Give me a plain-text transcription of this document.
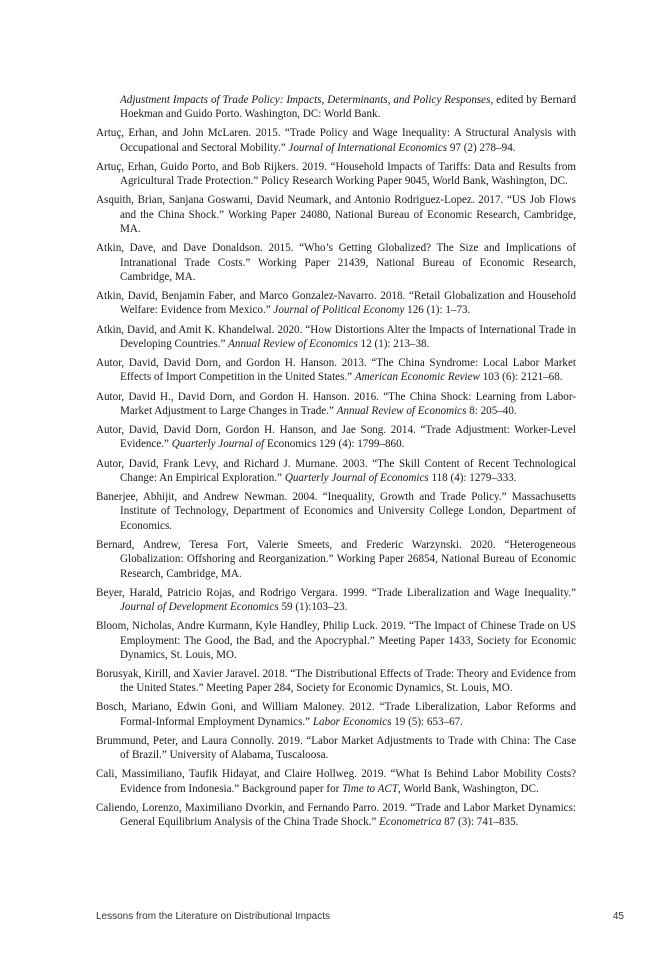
Adjustment Impacts of Trade Policy: Impacts, Determinants, and Policy Responses, edited by Bernard Hoekman and Guido Porto. Washington, DC: World Bank.

Artuç, Erhan, and John McLaren. 2015. “Trade Policy and Wage Inequality: A Structural Analysis with Occupational and Sectoral Mobility.” Journal of International Economics 97 (2) 278–94.

Artuç, Erhan, Guido Porto, and Bob Rijkers. 2019. “Household Impacts of Tariffs: Data and Results from Agricultural Trade Protection.” Policy Research Working Paper 9045, World Bank, Washington, DC.

Asquith, Brian, Sanjana Goswami, David Neumark, and Antonio Rodriguez-Lopez. 2017. “US Job Flows and the China Shock.” Working Paper 24080, National Bureau of Economic Research, Cambridge, MA.

Atkin, Dave, and Dave Donaldson. 2015. “Who’s Getting Globalized? The Size and Implications of Intranational Trade Costs.” Working Paper 21439, National Bureau of Economic Research, Cambridge, MA.

Atkin, David, Benjamin Faber, and Marco Gonzalez-Navarro. 2018. “Retail Globalization and Household Welfare: Evidence from Mexico.” Journal of Political Economy 126 (1): 1–73.

Atkin, David, and Amit K. Khandelwal. 2020. “How Distortions Alter the Impacts of International Trade in Developing Countries.” Annual Review of Economics 12 (1): 213–38.

Autor, David, David Dorn, and Gordon H. Hanson. 2013. “The China Syndrome: Local Labor Market Effects of Import Competition in the United States.” American Economic Review 103 (6): 2121–68.

Autor, David H., David Dorn, and Gordon H. Hanson. 2016. “The China Shock: Learning from Labor-Market Adjustment to Large Changes in Trade.” Annual Review of Economics 8: 205–40.

Autor, David, David Dorn, Gordon H. Hanson, and Jae Song. 2014. “Trade Adjustment: Worker-Level Evidence.” Quarterly Journal of Economics 129 (4): 1799–860.

Autor, David, Frank Levy, and Richard J. Murnane. 2003. “The Skill Content of Recent Technological Change: An Empirical Exploration.” Quarterly Journal of Economics 118 (4): 1279–333.

Banerjee, Abhijit, and Andrew Newman. 2004. “Inequality, Growth and Trade Policy.” Massachusetts Institute of Technology, Department of Economics and University College London, Department of Economics.

Bernard, Andrew, Teresa Fort, Valerie Smeets, and Frederic Warzynski. 2020. “Heterogeneous Globalization: Offshoring and Reorganization.” Working Paper 26854, National Bureau of Economic Research, Cambridge, MA.

Beyer, Harald, Patricio Rojas, and Rodrigo Vergara. 1999. “Trade Liberalization and Wage Inequality.” Journal of Development Economics 59 (1):103–23.

Bloom, Nicholas, Andre Kurmann, Kyle Handley, Philip Luck. 2019. “The Impact of Chinese Trade on US Employment: The Good, the Bad, and the Apocryphal.” Meeting Paper 1433, Society for Economic Dynamics, St. Louis, MO.

Borusyak, Kirill, and Xavier Jaravel. 2018. “The Distributional Effects of Trade: Theory and Evidence from the United States.” Meeting Paper 284, Society for Economic Dynamics, St. Louis, MO.

Bosch, Mariano, Edwin Goni, and William Maloney. 2012. “Trade Liberalization, Labor Reforms and Formal-Informal Employment Dynamics.” Labor Economics 19 (5): 653–67.

Brummund, Peter, and Laura Connolly. 2019. “Labor Market Adjustments to Trade with China: The Case of Brazil.” University of Alabama, Tuscaloosa.

Cali, Massimiliano, Taufik Hidayat, and Claire Hollweg. 2019. “What Is Behind Labor Mobility Costs? Evidence from Indonesia.” Background paper for Time to ACT, World Bank, Washington, DC.

Caliendo, Lorenzo, Maximiliano Dvorkin, and Fernando Parro. 2019. “Trade and Labor Market Dynamics: General Equilibrium Analysis of the China Trade Shock.” Econometrica 87 (3): 741–835.

Lessons from the Literature on Distributional Impacts	45
